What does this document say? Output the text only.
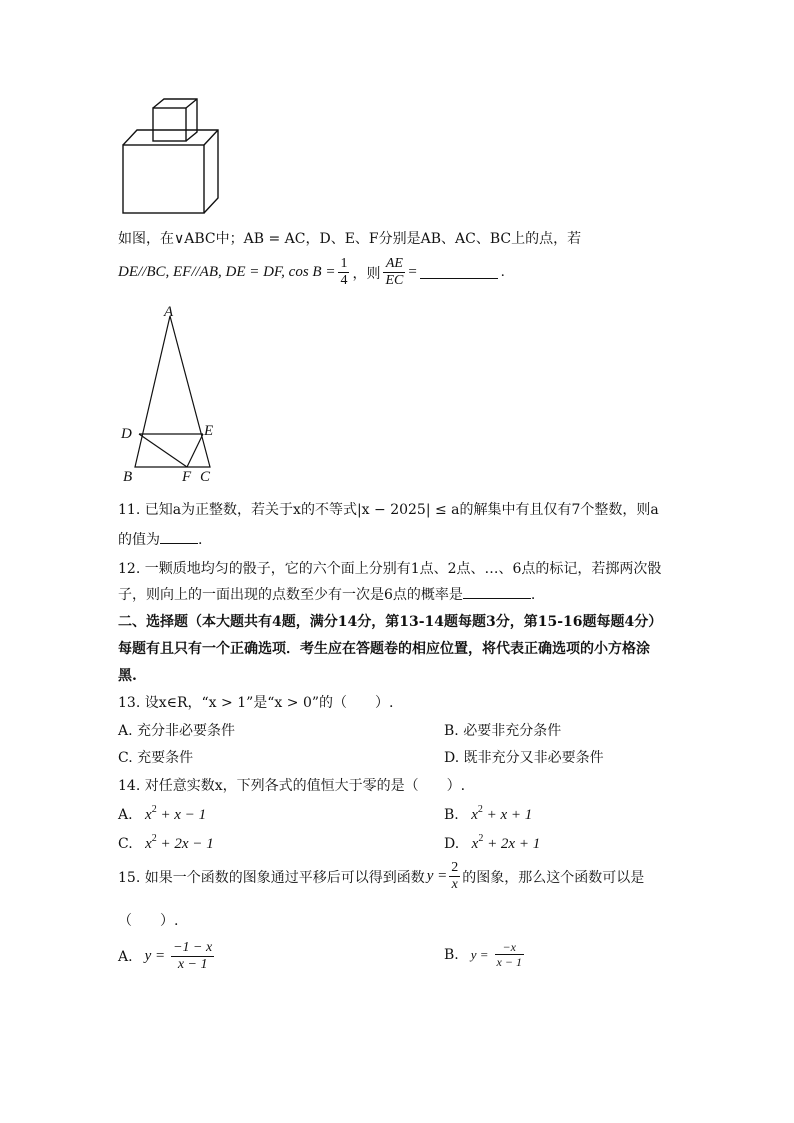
如图，在∨ABC中；AB = AC，D、E、F分别是AB、AC、BC上的点，若
DE//BC, EF//AB, DE = DF, $\cos B = \frac{1}{4}$ ，则 $\frac{AE}{EC}$ =	.
A
D	E
B	F C
11. 已知a为正整数，若关于x的不等式|x − 2025| ≤ a的解集中有且仅有7个整数，则a
的值为	.
12. 一颗质地均匀的骰子，它的六个面上分别有1点、2点、…、6点的标记，若掷两次骰
子，则向上的一面出现的点数至少有一次是6点的概率是	.
二、选择题（本大题共有4题，满分14分，第13-14题每题3分，第15-16题每题4分）
每题有且只有一个正确选项．考生应在答题卷的相应位置，将代表正确选项的小方格涂
黑.
13. 设x∈R，“x > 1”是“x > 0”的（　　）.
A. 充分非必要条件	B. 必要非充分条件
C. 充要条件	D. 既非充分又非必要条件
14. 对任意实数x，下列各式的值恒大于零的是（　　）.
A. $x^2 + x - 1$	B. $x^2 + x + 1$
C. $x^2 + 2x - 1$	D. $x^2 + 2x + 1$
15. 如果一个函数的图象通过平移后可以得到函数 $y = \frac{2}{x}$ 的图象，那么这个函数可以是
（　　）.
A. $y = \frac{-1 - x}{x - 1}$	B. $y = \frac{-x}{x - 1}$
